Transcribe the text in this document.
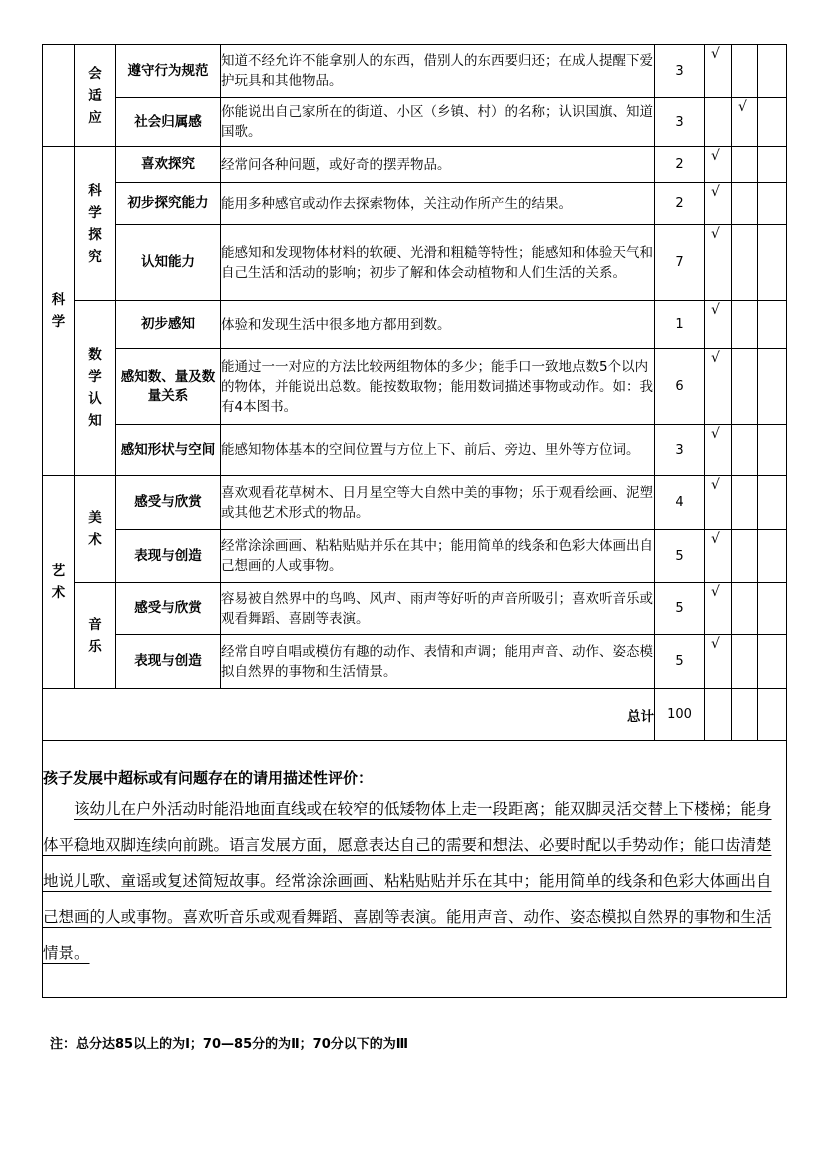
	会适应	遵守行为规范	知道不经允许不能拿别人的东西，借别人的东西要归还；在成人提醒下爱护玩具和其他物品。	3	√		

		社会归属感	你能说出自己家所在的街道、小区（乡镇、村）的名称；认识国旗、知道国歌。	3		√	

科学	科学探究	喜欢探究	经常问各种问题，或好奇的摆弄物品。	2	√		

		初步探究能力	能用多种感官或动作去探索物体，关注动作所产生的结果。	2	√		

		认知能力	能感知和发现物体材料的软硬、光滑和粗糙等特性；能感知和体验天气和自己生活和活动的影响；初步了解和体会动植物和人们生活的关系。	7	√		

	数学认知	初步感知	体验和发现生活中很多地方都用到数。	1	√		

		感知数、量及数量关系	能通过一一对应的方法比较两组物体的多少；能手口一致地点数5个以内的物体，并能说出总数。能按数取物；能用数词描述事物或动作。如：我有4本图书。	6	√		

		感知形状与空间	能感知物体基本的空间位置与方位上下、前后、旁边、里外等方位词。	3	√		

艺术	美术	感受与欣赏	喜欢观看花草树木、日月星空等大自然中美的事物；乐于观看绘画、泥塑或其他艺术形式的物品。	4	√		

		表现与创造	经常涂涂画画、粘粘贴贴并乐在其中；能用简单的线条和色彩大体画出自己想画的人或事物。	5	√		

	音乐	感受与欣赏	容易被自然界中的鸟鸣、风声、雨声等好听的声音所吸引；喜欢听音乐或观看舞蹈、喜剧等表演。	5	√		

		表现与创造	经常自哼自唱或模仿有趣的动作、表情和声调；能用声音、动作、姿态模拟自然界的事物和生活情景。	5	√		

总计				100			

孩子发展中超标或有问题存在的请用描述性评价：
该幼儿在户外活动时能沿地面直线或在较窄的低矮物体上走一段距离；能双脚灵活交替上下楼梯；能身体平稳地双脚连续向前跳。语言发展方面，愿意表达自己的需要和想法、必要时配以手势动作；能口齿清楚地说儿歌、童谣或复述简短故事。经常涂涂画画、粘粘贴贴并乐在其中；能用简单的线条和色彩大体画出自己想画的人或事物。喜欢听音乐或观看舞蹈、喜剧等表演。能用声音、动作、姿态模拟自然界的事物和生活情景。							
注：总分达85以上的为Ⅰ；70—85分的为Ⅱ；70分以下的为Ⅲ
